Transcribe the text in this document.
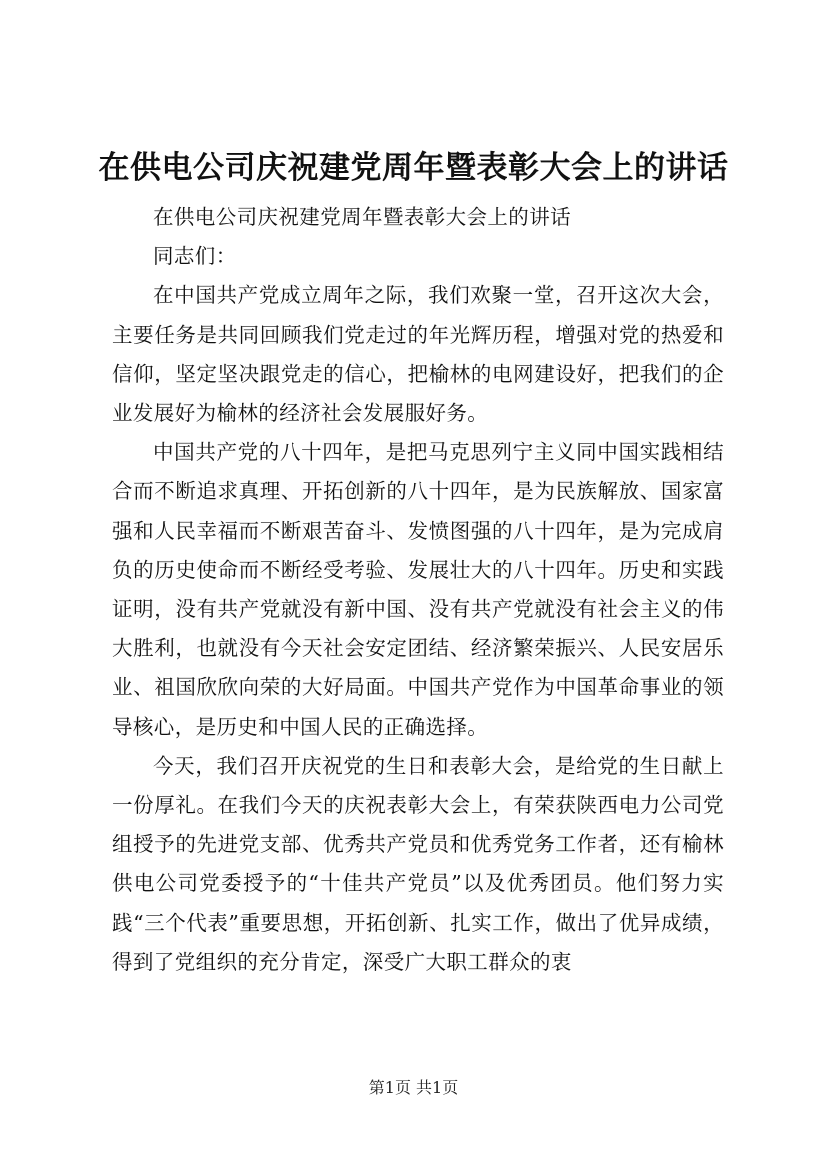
在供电公司庆祝建党周年暨表彰大会上的讲话

在供电公司庆祝建党周年暨表彰大会上的讲话

同志们：

在中国共产党成立周年之际，我们欢聚一堂，召开这次大会，主要任务是共同回顾我们党走过的年光辉历程，增强对党的热爱和信仰，坚定坚决跟党走的信心，把榆林的电网建设好，把我们的企业发展好为榆林的经济社会发展服好务。

中国共产党的八十四年，是把马克思列宁主义同中国实践相结合而不断追求真理、开拓创新的八十四年，是为民族解放、国家富强和人民幸福而不断艰苦奋斗、发愤图强的八十四年，是为完成肩负的历史使命而不断经受考验、发展壮大的八十四年。历史和实践证明，没有共产党就没有新中国、没有共产党就没有社会主义的伟大胜利，也就没有今天社会安定团结、经济繁荣振兴、人民安居乐业、祖国欣欣向荣的大好局面。中国共产党作为中国革命事业的领导核心，是历史和中国人民的正确选择。

今天，我们召开庆祝党的生日和表彰大会，是给党的生日献上一份厚礼。在我们今天的庆祝表彰大会上，有荣获陕西电力公司党组授予的先进党支部、优秀共产党员和优秀党务工作者，还有榆林供电公司党委授予的“十佳共产党员”以及优秀团员。他们努力实践“三个代表”重要思想，开拓创新、扎实工作，做出了优异成绩，得到了党组织的充分肯定，深受广大职工群众的衷

第1页 共1页
